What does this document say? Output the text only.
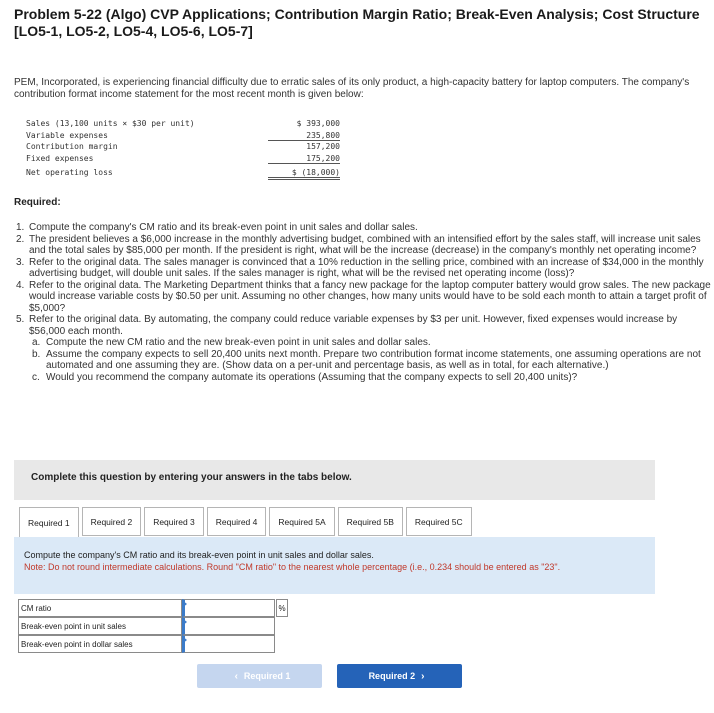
Problem 5-22 (Algo) CVP Applications; Contribution Margin Ratio; Break-Even Analysis; Cost Structure [LO5-1, LO5-2, LO5-4, LO5-6, LO5-7]
PEM, Incorporated, is experiencing financial difficulty due to erratic sales of its only product, a high-capacity battery for laptop computers. The company's contribution format income statement for the most recent month is given below:
Sales (13,100 units × $30 per unit)	$ 393,000
Variable expenses	235,800
Contribution margin	157,200
Fixed expenses	175,200
Net operating loss	$ (18,000)
Required:
1. Compute the company's CM ratio and its break-even point in unit sales and dollar sales.
2. The president believes a $6,000 increase in the monthly advertising budget, combined with an intensified effort by the sales staff, will increase unit sales and the total sales by $85,000 per month. If the president is right, what will be the increase (decrease) in the company's monthly net operating income?
3. Refer to the original data. The sales manager is convinced that a 10% reduction in the selling price, combined with an increase of $34,000 in the monthly advertising budget, will double unit sales. If the sales manager is right, what will be the revised net operating income (loss)?
4. Refer to the original data. The Marketing Department thinks that a fancy new package for the laptop computer battery would grow sales. The new package would increase variable costs by $0.50 per unit. Assuming no other changes, how many units would have to be sold each month to attain a target profit of $5,000?
5. Refer to the original data. By automating, the company could reduce variable expenses by $3 per unit. However, fixed expenses would increase by $56,000 each month.
a. Compute the new CM ratio and the new break-even point in unit sales and dollar sales.
b. Assume the company expects to sell 20,400 units next month. Prepare two contribution format income statements, one assuming operations are not automated and one assuming they are. (Show data on a per-unit and percentage basis, as well as in total, for each alternative.)
c. Would you recommend the company automate its operations (Assuming that the company expects to sell 20,400 units)?
Complete this question by entering your answers in the tabs below.
Required 1	Required 2	Required 3	Required 4	Required 5A	Required 5B	Required 5C
Compute the company's CM ratio and its break-even point in unit sales and dollar sales.
Note: Do not round intermediate calculations. Round "CM ratio" to the nearest whole percentage (i.e., 0.234 should be entered as "23".
CM ratio	%
Break-even point in unit sales
Break-even point in dollar sales
‹ Required 1	Required 2 ›
